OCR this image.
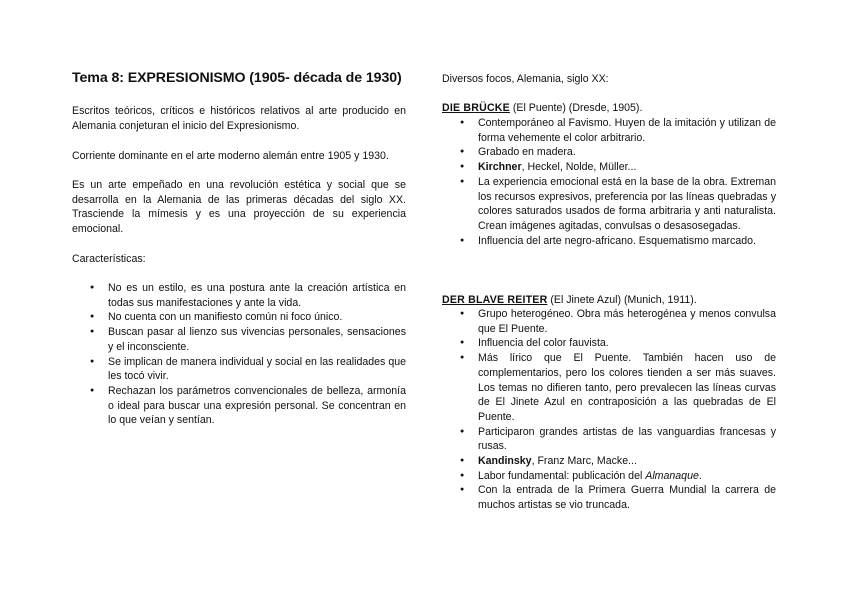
Tema 8: EXPRESIONISMO (1905- década de 1930)

Escritos teóricos, críticos e históricos relativos al arte producido en Alemania conjeturan el inicio del Expresionismo.

Corriente dominante en el arte moderno alemán entre 1905 y 1930.

Es un arte empeñado en una revolución estética y social que se desarrolla en la Alemania de las primeras décadas del siglo XX. Trasciende la mímesis y es una proyección de su experiencia emocional.

Características:

● No es un estilo, es una postura ante la creación artística en todas sus manifestaciones y ante la vida.
● No cuenta con un manifiesto común ni foco único.
● Buscan pasar al lienzo sus vivencias personales, sensaciones y el inconsciente.
● Se implican de manera individual y social en las realidades que les tocó vivir.
● Rechazan los parámetros convencionales de belleza, armonía o ideal para buscar una expresión personal. Se concentran en lo que veían y sentían.

Diversos focos, Alemania, siglo XX:

DIE BRÜCKE (El Puente) (Dresde, 1905).

● Contemporáneo al Favismo. Huyen de la imitación y utilizan de forma vehemente el color arbitrario.
● Grabado en madera.
● Kirchner, Heckel, Nolde, Müller...
● La experiencia emocional está en la base de la obra. Extreman los recursos expresivos, preferencia por las líneas quebradas y colores saturados usados de forma arbitraria y anti naturalista. Crean imágenes agitadas, convulsas o desasosegadas.
● Influencia del arte negro-africano. Esquematismo marcado.

DER BLAVE REITER (El Jinete Azul) (Munich, 1911).

● Grupo heterogéneo. Obra más heterogénea y menos convulsa que El Puente.
● Influencia del color fauvista.
● Más lírico que El Puente. También hacen uso de complementarios, pero los colores tienden a ser más suaves. Los temas no difieren tanto, pero prevalecen las líneas curvas de El Jinete Azul en contraposición a las quebradas de El Puente.
● Participaron grandes artistas de las vanguardias francesas y rusas.
● Kandinsky, Franz Marc, Macke...
● Labor fundamental: publicación del Almanaque.
● Con la entrada de la Primera Guerra Mundial la carrera de muchos artistas se vio truncada.
